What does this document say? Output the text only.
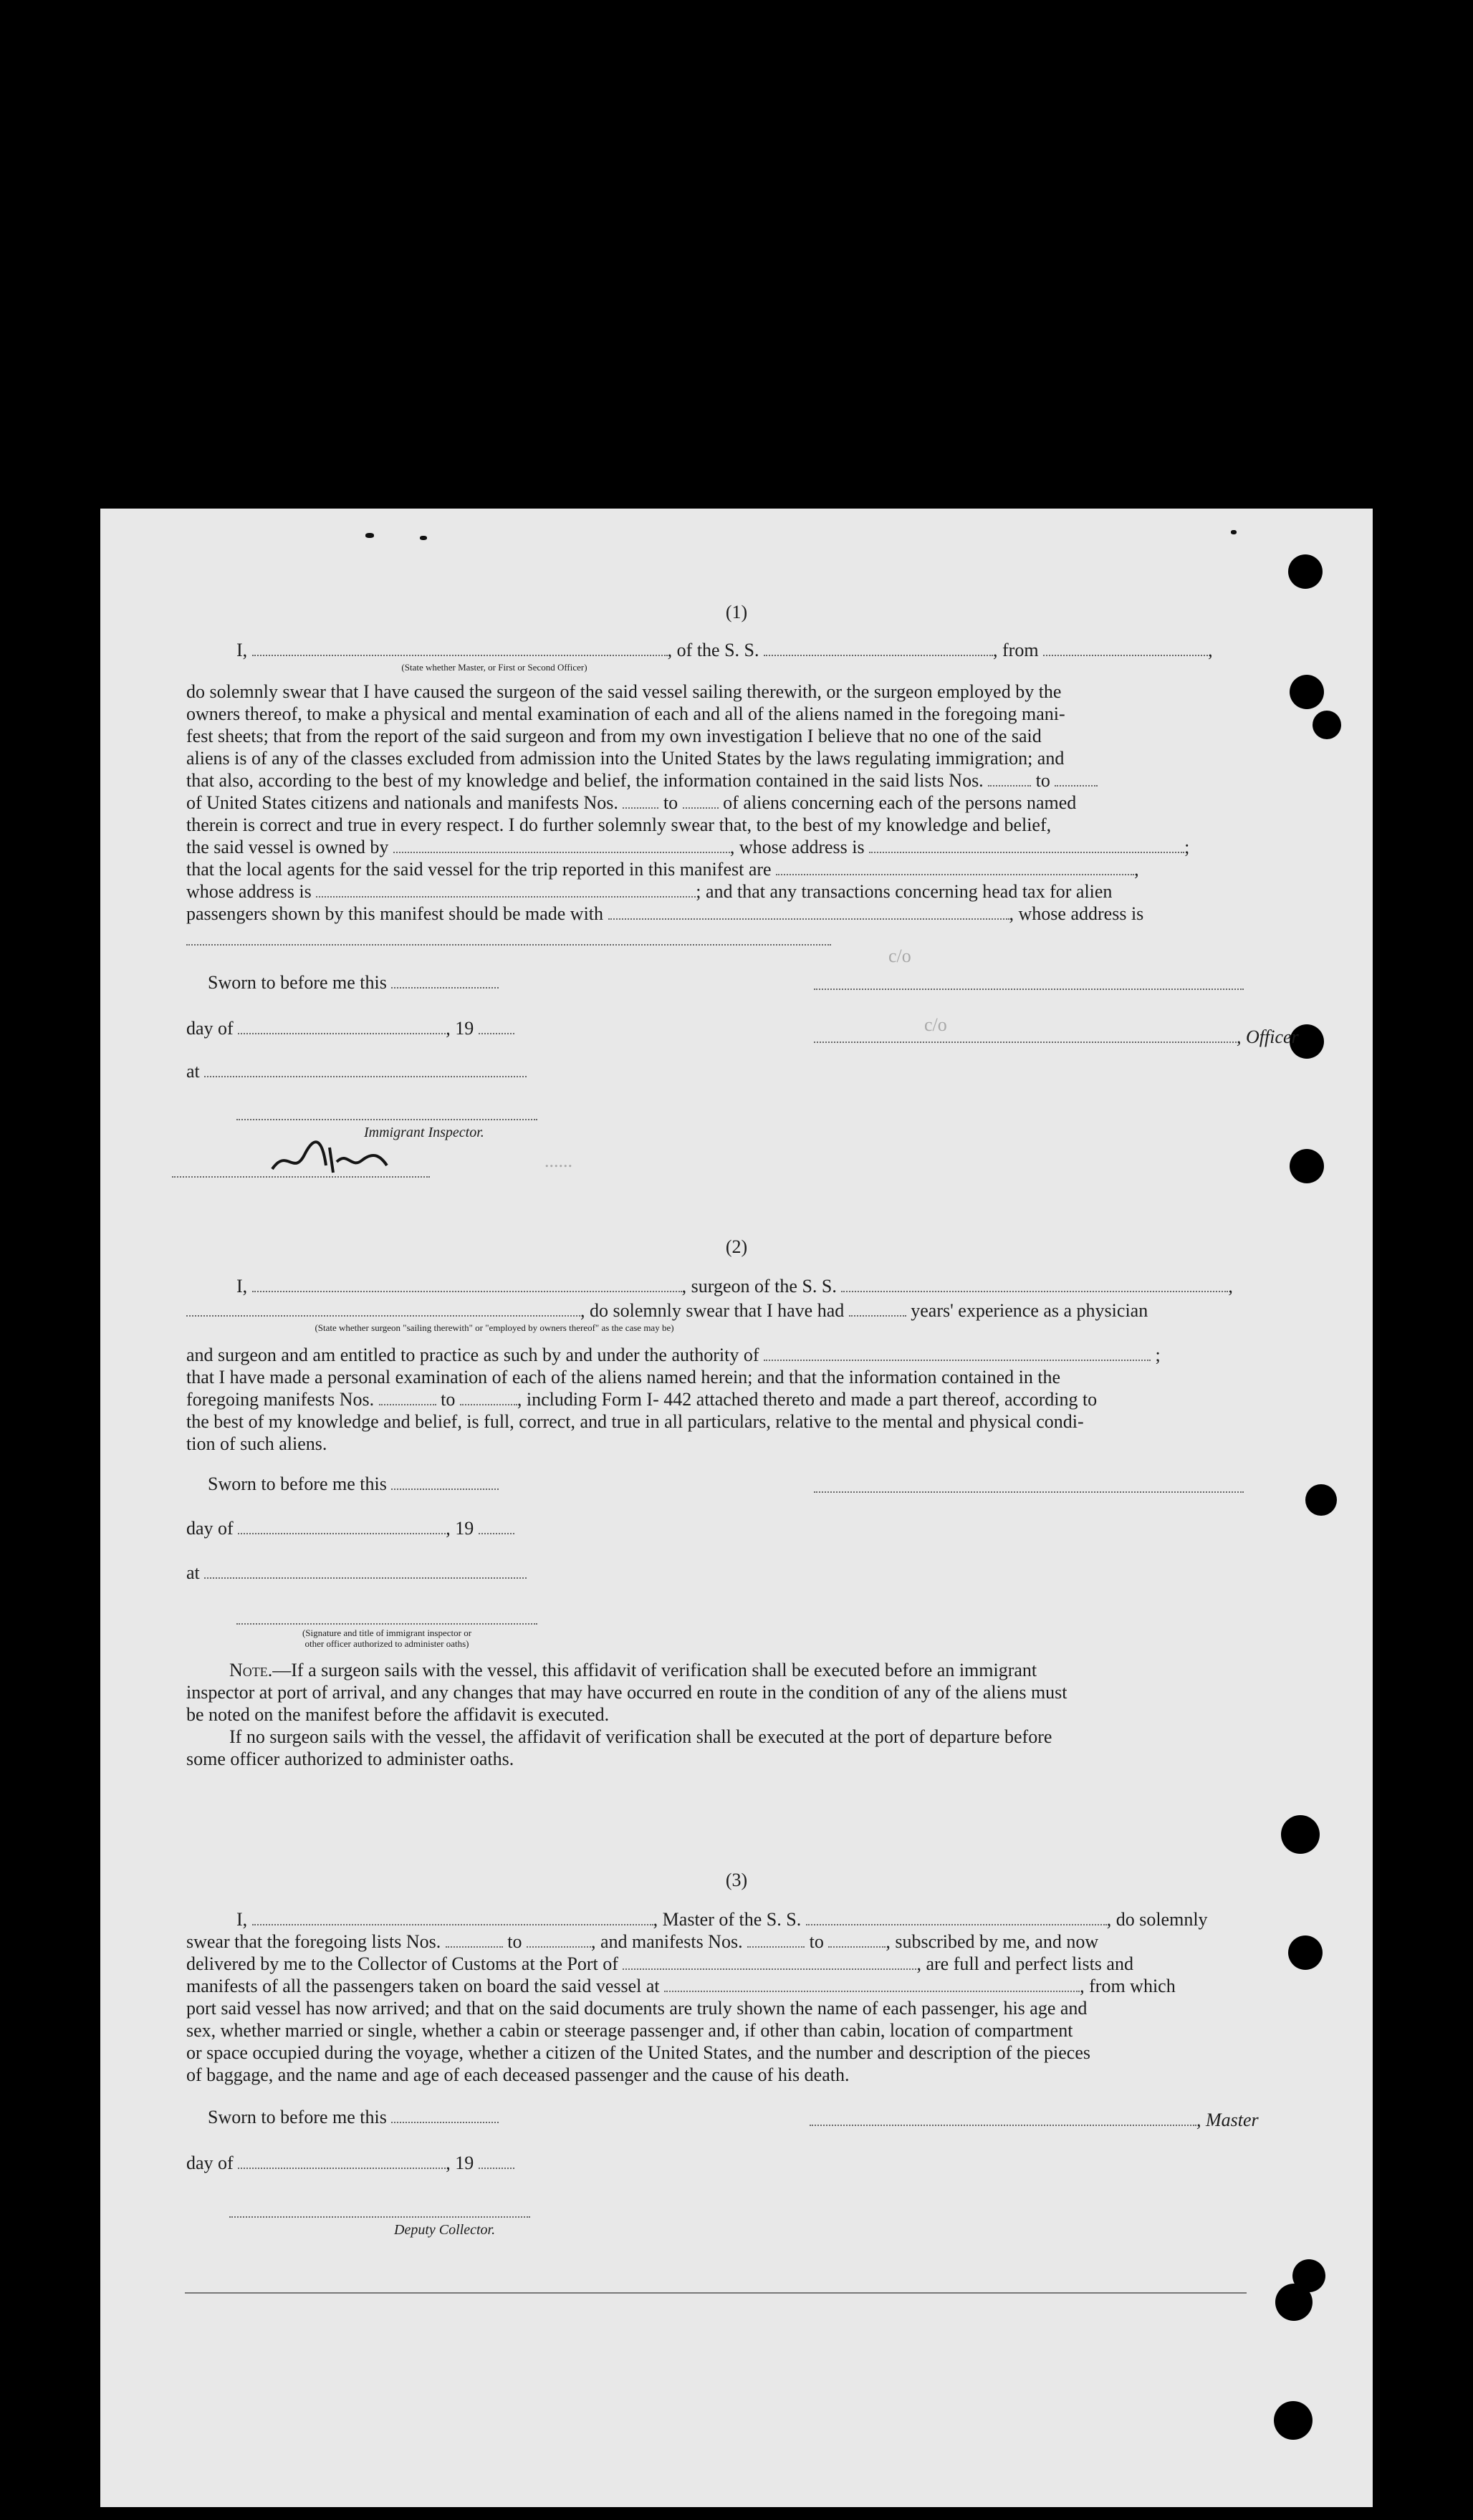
c/o
c/o
......
(1)
I,	, of the S. S.	, from	,
(State whether Master, or First or Second Officer)
do solemnly swear that I have caused the surgeon of the said vessel sailing therewith, or the surgeon employed by the
owners thereof, to make a physical and mental examination of each and all of the aliens named in the foregoing mani-
fest sheets; that from the report of the said surgeon and from my own investigation I believe that no one of the said
aliens is of any of the classes excluded from admission into the United States by the laws regulating immigration; and
that also, according to the best of my knowledge and belief, the information contained in the said lists Nos.	to
of United States citizens and nationals and manifests Nos. to of aliens concerning each of the persons named
therein is correct and true in every respect. I do further solemnly swear that, to the best of my knowledge and belief,
the said vessel is owned by	, whose address is	;
that the local agents for the said vessel for the trip reported in this manifest are	,
whose address is	; and that any transactions concerning head tax for alien
passengers shown by this manifest should be made with	, whose address is
Sworn to before me this
day of	, 19	, Officer
at
Immigrant Inspector.
(2)
I,	, surgeon of the S. S.	,
, do solemnly swear that I have had	years' experience as a physician
(State whether surgeon "sailing therewith" or "employed by owners thereof" as the case may be)
and surgeon and am entitled to practice as such by and under the authority of	;
that I have made a personal examination of each of the aliens named herein; and that the information contained in the
foregoing manifests Nos.	to	, including Form I- 442 attached thereto and made a part thereof, according to
the best of my knowledge and belief, is full, correct, and true in all particulars, relative to the mental and physical condi-
tion of such aliens.
Sworn to before me this
day of	, 19
at
(Signature and title of immigrant inspector or
other officer authorized to administer oaths)
Note.—If a surgeon sails with the vessel, this affidavit of verification shall be executed before an immigrant
inspector at port of arrival, and any changes that may have occurred en route in the condition of any of the aliens must
be noted on the manifest before the affidavit is executed.
If no surgeon sails with the vessel, the affidavit of verification shall be executed at the port of departure before
some officer authorized to administer oaths.
(3)
I,	, Master of the S. S.	, do solemnly
swear that the foregoing lists Nos.	to	, and manifests Nos.	to	, subscribed by me, and now
delivered by me to the Collector of Customs at the Port of	, are full and perfect lists and
manifests of all the passengers taken on board the said vessel at	, from which
port said vessel has now arrived; and that on the said documents are truly shown the name of each passenger, his age and
sex, whether married or single, whether a cabin or steerage passenger and, if other than cabin, location of compartment
or space occupied during the voyage, whether a citizen of the United States, and the number and description of the pieces
of baggage, and the name and age of each deceased passenger and the cause of his death.
Sworn to before me this	, Master
day of	, 19
Deputy Collector.
